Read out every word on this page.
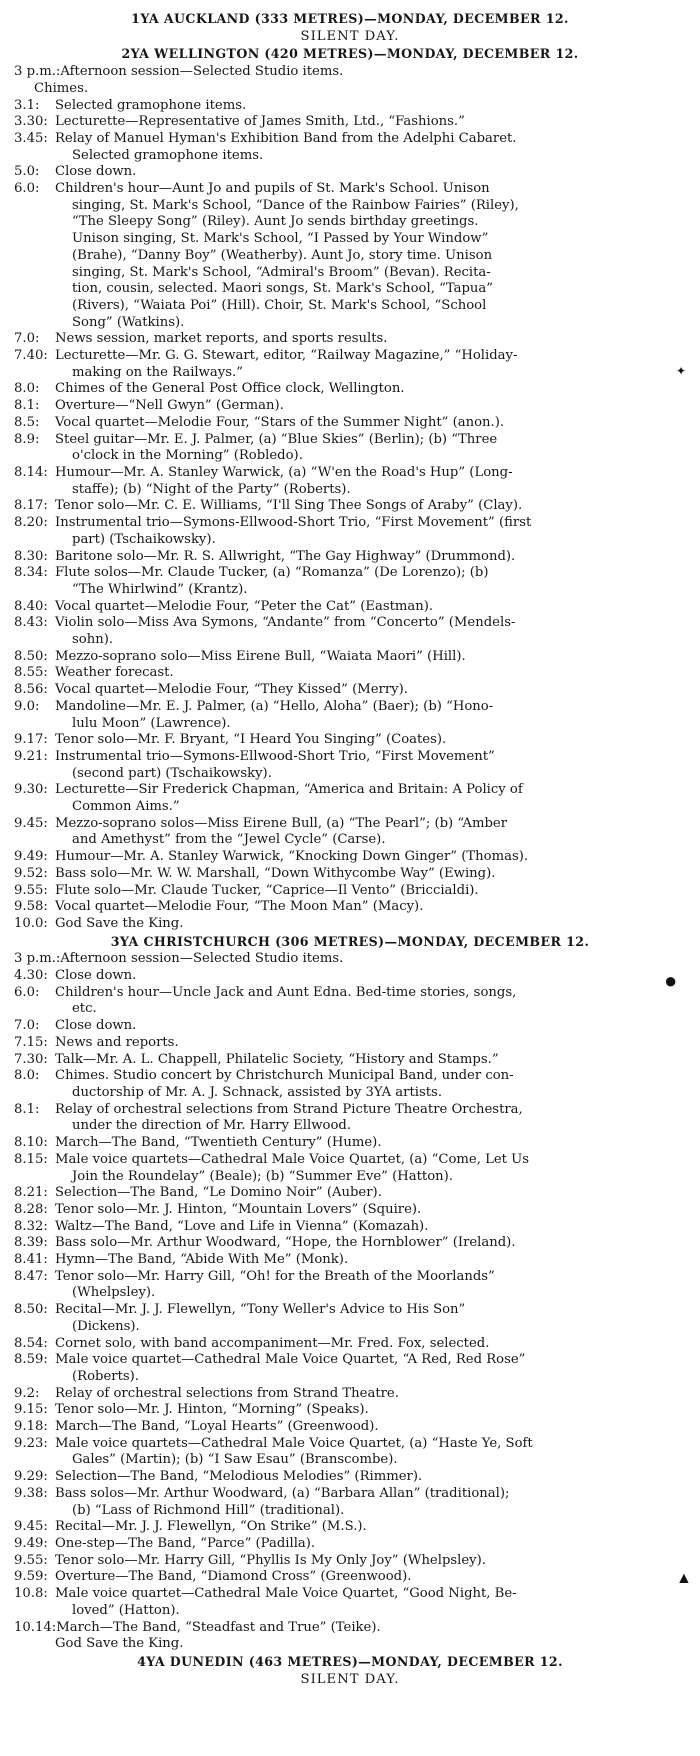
1YA AUCKLAND (333 METRES)—MONDAY, DECEMBER 12.
SILENT DAY.
2YA WELLINGTON (420 METRES)—MONDAY, DECEMBER 12.
3 p.m.: Afternoon session—Selected Studio items.
Chimes.
3.1:	Selected gramophone items.
3.30: Lecturette—Representative of James Smith, Ltd., “Fashions.”
3.45: Relay of Manuel Hyman's Exhibition Band from the Adelphi Cabaret.
Selected gramophone items.
5.0:	Close down.
6.0:	Children's hour—Aunt Jo and pupils of St. Mark's School. Unison
singing, St. Mark's School, “Dance of the Rainbow Fairies” (Riley),
“The Sleepy Song” (Riley). Aunt Jo sends birthday greetings.
Unison singing, St. Mark's School, “I Passed by Your Window”
(Brahe), “Danny Boy” (Weatherby). Aunt Jo, story time. Unison
singing, St. Mark's School, “Admiral's Broom” (Bevan). Recita-
tion, cousin, selected. Maori songs, St. Mark's School, “Tapua”
(Rivers), “Waiata Poi” (Hill). Choir, St. Mark's School, “School
Song” (Watkins).
7.0:	News session, market reports, and sports results.
7.40: Lecturette—Mr. G. G. Stewart, editor, “Railway Magazine,” “Holiday-
making on the Railways.”
8.0:	Chimes of the General Post Office clock, Wellington.
8.1:	Overture—“Nell Gwyn” (German).
8.5:	Vocal quartet—Melodie Four, “Stars of the Summer Night” (anon.).
8.9:	Steel guitar—Mr. E. J. Palmer, (a) “Blue Skies” (Berlin); (b) “Three
o'clock in the Morning” (Robledo).
8.14: Humour—Mr. A. Stanley Warwick, (a) “W'en the Road's Hup” (Long-
staffe); (b) “Night of the Party” (Roberts).
8.17: Tenor solo—Mr. C. E. Williams, “I'll Sing Thee Songs of Araby” (Clay).
8.20: Instrumental trio—Symons-Ellwood-Short Trio, “First Movement” (first
part) (Tschaikowsky).
8.30: Baritone solo—Mr. R. S. Allwright, “The Gay Highway” (Drummond).
8.34: Flute solos—Mr. Claude Tucker, (a) “Romanza” (De Lorenzo); (b)
“The Whirlwind” (Krantz).
8.40: Vocal quartet—Melodie Four, “Peter the Cat” (Eastman).
8.43: Violin solo—Miss Ava Symons, “Andante” from “Concerto” (Mendels-
sohn).
8.50: Mezzo-soprano solo—Miss Eirene Bull, “Waiata Maori” (Hill).
8.55: Weather forecast.
8.56: Vocal quartet—Melodie Four, “They Kissed” (Merry).
9.0:	Mandoline—Mr. E. J. Palmer, (a) “Hello, Aloha” (Baer); (b) “Hono-
lulu Moon” (Lawrence).
9.17: Tenor solo—Mr. F. Bryant, “I Heard You Singing” (Coates).
9.21: Instrumental trio—Symons-Ellwood-Short Trio, “First Movement”
(second part) (Tschaikowsky).
9.30: Lecturette—Sir Frederick Chapman, “America and Britain: A Policy of
Common Aims.”
9.45: Mezzo-soprano solos—Miss Eirene Bull, (a) “The Pearl”; (b) “Amber
and Amethyst” from the “Jewel Cycle” (Carse).
9.49: Humour—Mr. A. Stanley Warwick, “Knocking Down Ginger” (Thomas).
9.52: Bass solo—Mr. W. W. Marshall, “Down Withycombe Way” (Ewing).
9.55: Flute solo—Mr. Claude Tucker, “Caprice—Il Vento” (Briccialdi).
9.58: Vocal quartet—Melodie Four, “The Moon Man” (Macy).
10.0: God Save the King.
3YA CHRISTCHURCH (306 METRES)—MONDAY, DECEMBER 12.
3 p.m.: Afternoon session—Selected Studio items.
4.30: Close down.
6.0:	Children's hour—Uncle Jack and Aunt Edna. Bed-time stories, songs,
etc.
7.0:	Close down.
7.15: News and reports.
7.30: Talk—Mr. A. L. Chappell, Philatelic Society, “History and Stamps.”
8.0:	Chimes. Studio concert by Christchurch Municipal Band, under con-
ductorship of Mr. A. J. Schnack, assisted by 3YA artists.
8.1:	Relay of orchestral selections from Strand Picture Theatre Orchestra,
under the direction of Mr. Harry Ellwood.
8.10: March—The Band, “Twentieth Century” (Hume).
8.15: Male voice quartets—Cathedral Male Voice Quartet, (a) “Come, Let Us
Join the Roundelay” (Beale); (b) “Summer Eve” (Hatton).
8.21: Selection—The Band, “Le Domino Noir” (Auber).
8.28: Tenor solo—Mr. J. Hinton, “Mountain Lovers” (Squire).
8.32: Waltz—The Band, “Love and Life in Vienna” (Komazah).
8.39: Bass solo—Mr. Arthur Woodward, “Hope, the Hornblower” (Ireland).
8.41: Hymn—The Band, “Abide With Me” (Monk).
8.47: Tenor solo—Mr. Harry Gill, “Oh! for the Breath of the Moorlands”
(Whelpsley).
8.50: Recital—Mr. J. J. Flewellyn, “Tony Weller's Advice to His Son”
(Dickens).
8.54: Cornet solo, with band accompaniment—Mr. Fred. Fox, selected.
8.59: Male voice quartet—Cathedral Male Voice Quartet, “A Red, Red Rose”
(Roberts).
9.2:	Relay of orchestral selections from Strand Theatre.
9.15: Tenor solo—Mr. J. Hinton, “Morning” (Speaks).
9.18: March—The Band, “Loyal Hearts” (Greenwood).
9.23: Male voice quartets—Cathedral Male Voice Quartet, (a) “Haste Ye, Soft
Gales” (Martin); (b) “I Saw Esau” (Branscombe).
9.29: Selection—The Band, “Melodious Melodies” (Rimmer).
9.38: Bass solos—Mr. Arthur Woodward, (a) “Barbara Allan” (traditional);
(b) “Lass of Richmond Hill” (traditional).
9.45: Recital—Mr. J. J. Flewellyn, “On Strike” (M.S.).
9.49: One-step—The Band, “Parce” (Padilla).
9.55: Tenor solo—Mr. Harry Gill, “Phyllis Is My Only Joy” (Whelpsley).
9.59: Overture—The Band, “Diamond Cross” (Greenwood).
10.8: Male voice quartet—Cathedral Male Voice Quartet, “Good Night, Be-
loved” (Hatton).
10.14: March—The Band, “Steadfast and True” (Teike).
God Save the King.
4YA DUNEDIN (463 METRES)—MONDAY, DECEMBER 12.
SILENT DAY.
●
▲
✦
